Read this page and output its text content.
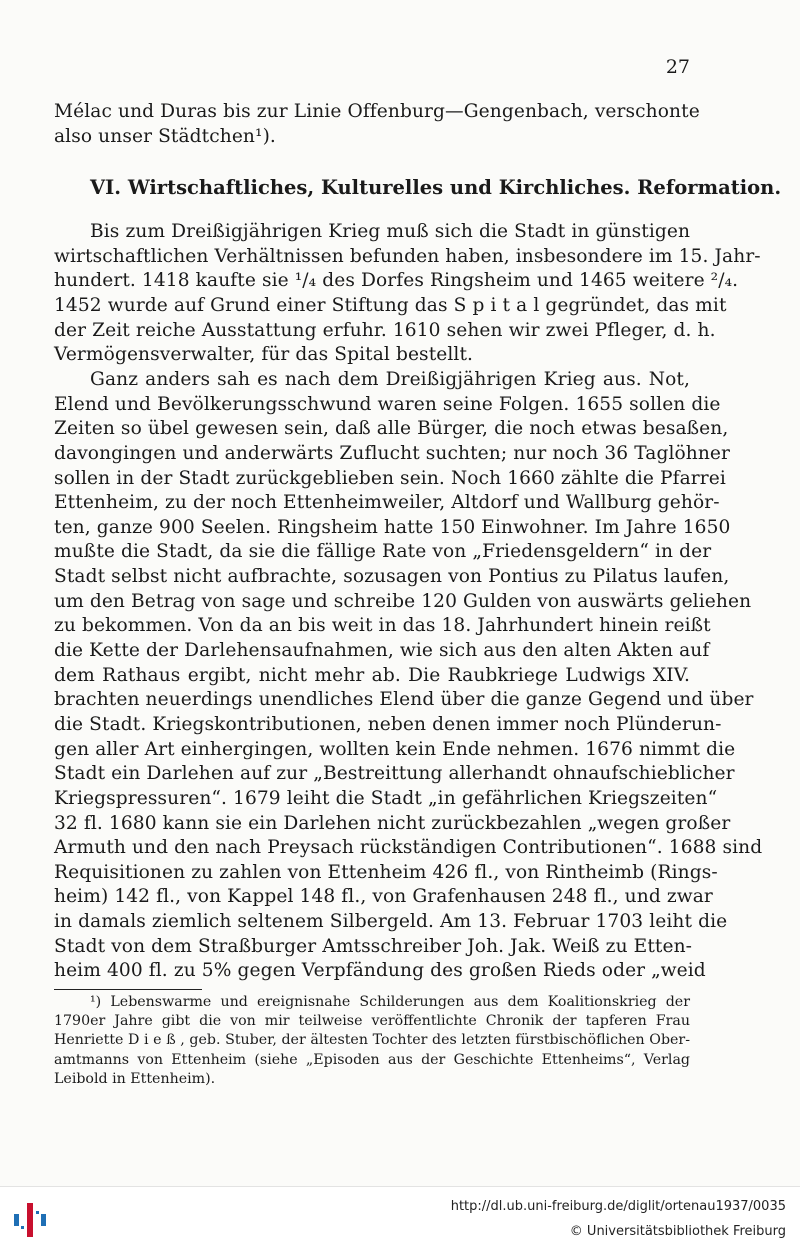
27
Mélac und Duras bis zur Linie Offenburg—Gengenbach, verschonte
also unser Städtchen¹).
VI. Wirtschaftliches, Kulturelles und Kirchliches. Reformation.
Bis zum Dreißigjährigen Krieg muß sich die Stadt in günstigen
wirtschaftlichen Verhältnissen befunden haben, insbesondere im 15. Jahr-
hundert. 1418 kaufte sie ¹/₄ des Dorfes Ringsheim und 1465 weitere ²/₄.
1452 wurde auf Grund einer Stiftung das S p i t a l gegründet, das mit
der Zeit reiche Ausstattung erfuhr. 1610 sehen wir zwei Pfleger, d. h.
Vermögensverwalter, für das Spital bestellt.
Ganz anders sah es nach dem Dreißigjährigen Krieg aus. Not,
Elend und Bevölkerungsschwund waren seine Folgen. 1655 sollen die
Zeiten so übel gewesen sein, daß alle Bürger, die noch etwas besaßen,
davongingen und anderwärts Zuflucht suchten; nur noch 36 Taglöhner
sollen in der Stadt zurückgeblieben sein. Noch 1660 zählte die Pfarrei
Ettenheim, zu der noch Ettenheimweiler, Altdorf und Wallburg gehör-
ten, ganze 900 Seelen. Ringsheim hatte 150 Einwohner. Im Jahre 1650
mußte die Stadt, da sie die fällige Rate von „Friedensgeldern“ in der
Stadt selbst nicht aufbrachte, sozusagen von Pontius zu Pilatus laufen,
um den Betrag von sage und schreibe 120 Gulden von auswärts geliehen
zu bekommen. Von da an bis weit in das 18. Jahrhundert hinein reißt
die Kette der Darlehensaufnahmen, wie sich aus den alten Akten auf
dem Rathaus ergibt, nicht mehr ab. Die Raubkriege Ludwigs XIV.
brachten neuerdings unendliches Elend über die ganze Gegend und über
die Stadt. Kriegskontributionen, neben denen immer noch Plünderun-
gen aller Art einhergingen, wollten kein Ende nehmen. 1676 nimmt die
Stadt ein Darlehen auf zur „Bestreittung allerhandt ohnaufschieblicher
Kriegspressuren“. 1679 leiht die Stadt „in gefährlichen Kriegszeiten“
32 fl. 1680 kann sie ein Darlehen nicht zurückbezahlen „wegen großer
Armuth und den nach Preysach rückständigen Contributionen“. 1688 sind
Requisitionen zu zahlen von Ettenheim 426 fl., von Rintheimb (Rings-
heim) 142 fl., von Kappel 148 fl., von Grafenhausen 248 fl., und zwar
in damals ziemlich seltenem Silbergeld. Am 13. Februar 1703 leiht die
Stadt von dem Straßburger Amtsschreiber Joh. Jak. Weiß zu Etten-
heim 400 fl. zu 5% gegen Verpfändung des großen Rieds oder „weid
¹) Lebenswarme und ereignisnahe Schilderungen aus dem Koalitionskrieg der
1790er Jahre gibt die von mir teilweise veröffentlichte Chronik der tapferen Frau
Henriette D i e ß , geb. Stuber, der ältesten Tochter des letzten fürstbischöflichen Ober-
amtmanns von Ettenheim (siehe „Episoden aus der Geschichte Ettenheims“, Verlag
Leibold in Ettenheim).
http://dl.ub.uni-freiburg.de/diglit/ortenau1937/0035
© Universitätsbibliothek Freiburg
